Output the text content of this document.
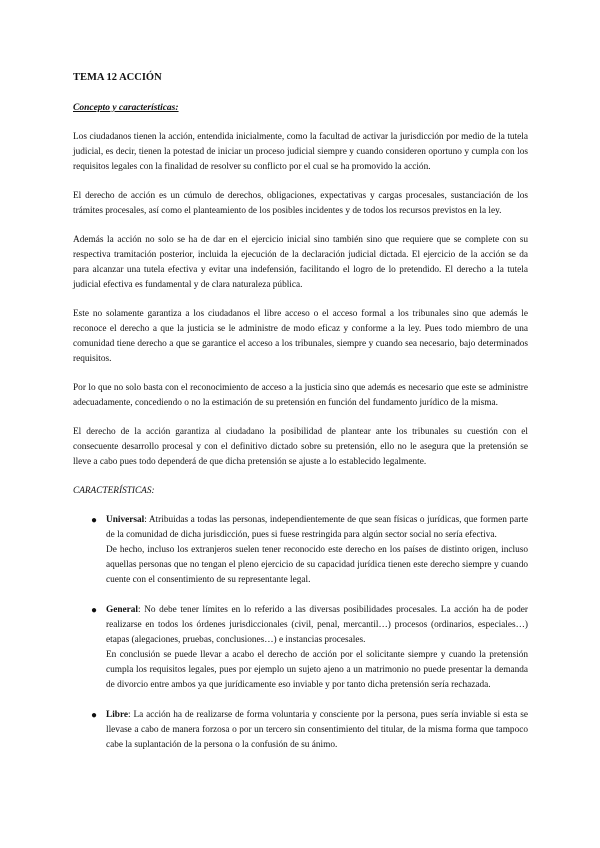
TEMA 12 ACCIÓN

Concepto y características:

Los ciudadanos tienen la acción, entendida inicialmente, como la facultad de activar la jurisdicción por medio de la tutela judicial, es decir, tienen la potestad de iniciar un proceso judicial siempre y cuando consideren oportuno y cumpla con los requisitos legales con la finalidad de resolver su conflicto por el cual se ha promovido la acción.

El derecho de acción es un cúmulo de derechos, obligaciones, expectativas y cargas procesales, sustanciación de los trámites procesales, así como el planteamiento de los posibles incidentes y de todos los recursos previstos en la ley.

Además la acción no solo se ha de dar en el ejercicio inicial sino también sino que requiere que se complete con su respectiva tramitación posterior, incluida la ejecución de la declaración judicial dictada. El ejercicio de la acción se da para alcanzar una tutela efectiva y evitar una indefensión, facilitando el logro de lo pretendido. El derecho a la tutela judicial efectiva es fundamental y de clara naturaleza pública.

Este no solamente garantiza a los ciudadanos el libre acceso o el acceso formal a los tribunales sino que además le reconoce el derecho a que la justicia se le administre de modo eficaz y conforme a la ley. Pues todo miembro de una comunidad tiene derecho a que se garantice el acceso a los tribunales, siempre y cuando sea necesario, bajo determinados requisitos.

Por lo que no solo basta con el reconocimiento de acceso a la justicia sino que además es necesario que este se administre adecuadamente, concediendo o no la estimación de su pretensión en función del fundamento jurídico de la misma.

El derecho de la acción garantiza al ciudadano la posibilidad de plantear ante los tribunales su cuestión con el consecuente desarrollo procesal y con el definitivo dictado sobre su pretensión, ello no le asegura que la pretensión se lleve a cabo pues todo dependerá de que dicha pretensión se ajuste a lo establecido legalmente.

CARACTERÍSTICAS:

● Universal: Atribuidas a todas las personas, independientemente de que sean físicas o jurídicas, que formen parte de la comunidad de dicha jurisdicción, pues si fuese restringida para algún sector social no sería efectiva.
De hecho, incluso los extranjeros suelen tener reconocido este derecho en los países de distinto origen, incluso aquellas personas que no tengan el pleno ejercicio de su capacidad jurídica tienen este derecho siempre y cuando cuente con el consentimiento de su representante legal.
● General: No debe tener límites en lo referido a las diversas posibilidades procesales. La acción ha de poder realizarse en todos los órdenes jurisdiccionales (civil, penal, mercantil…) procesos (ordinarios, especiales…) etapas (alegaciones, pruebas, conclusiones…) e instancias procesales.
En conclusión se puede llevar a acabo el derecho de acción por el solicitante siempre y cuando la pretensión cumpla los requisitos legales, pues por ejemplo un sujeto ajeno a un matrimonio no puede presentar la demanda de divorcio entre ambos ya que jurídicamente eso inviable y por tanto dicha pretensión sería rechazada.
● Libre: La acción ha de realizarse de forma voluntaria y consciente por la persona, pues sería inviable si esta se llevase a cabo de manera forzosa o por un tercero sin consentimiento del titular, de la misma forma que tampoco cabe la suplantación de la persona o la confusión de su ánimo.
